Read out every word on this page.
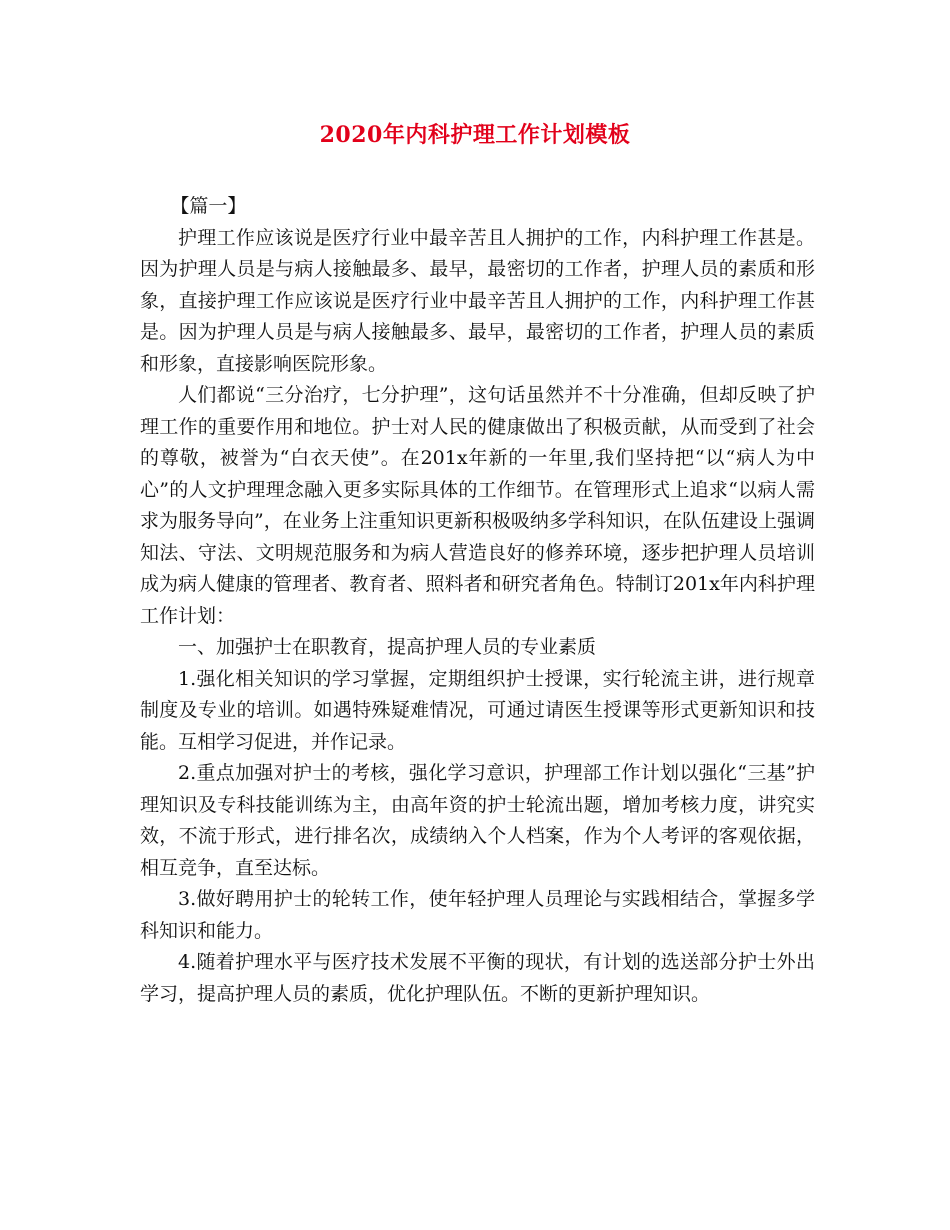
2020年内科护理工作计划模板

【篇一】

护理工作应该说是医疗行业中最辛苦且人拥护的工作，内科护理工作甚是。因为护理人员是与病人接触最多、最早，最密切的工作者，护理人员的素质和形象，直接护理工作应该说是医疗行业中最辛苦且人拥护的工作，内科护理工作甚是。因为护理人员是与病人接触最多、最早，最密切的工作者，护理人员的素质和形象，直接影响医院形象。

人们都说“三分治疗，七分护理”，这句话虽然并不十分准确，但却反映了护理工作的重要作用和地位。护士对人民的健康做出了积极贡献，从而受到了社会的尊敬，被誉为“白衣天使”。在201x年新的一年里,我们坚持把“以“病人为中心”的人文护理理念融入更多实际具体的工作细节。在管理形式上追求“以病人需求为服务导向”，在业务上注重知识更新积极吸纳多学科知识，在队伍建设上强调知法、守法、文明规范服务和为病人营造良好的修养环境，逐步把护理人员培训成为病人健康的管理者、教育者、照料者和研究者角色。特制订201x年内科护理工作计划：

一、加强护士在职教育，提高护理人员的专业素质

1.强化相关知识的学习掌握，定期组织护士授课，实行轮流主讲，进行规章制度及专业的培训。如遇特殊疑难情况，可通过请医生授课等形式更新知识和技能。互相学习促进，并作记录。

2.重点加强对护士的考核，强化学习意识，护理部工作计划以强化“三基”护理知识及专科技能训练为主，由高年资的护士轮流出题，增加考核力度，讲究实效，不流于形式，进行排名次，成绩纳入个人档案，作为个人考评的客观依据，相互竞争，直至达标。

3.做好聘用护士的轮转工作，使年轻护理人员理论与实践相结合，掌握多学科知识和能力。

4.随着护理水平与医疗技术发展不平衡的现状，有计划的选送部分护士外出学习，提高护理人员的素质，优化护理队伍。不断的更新护理知识。
